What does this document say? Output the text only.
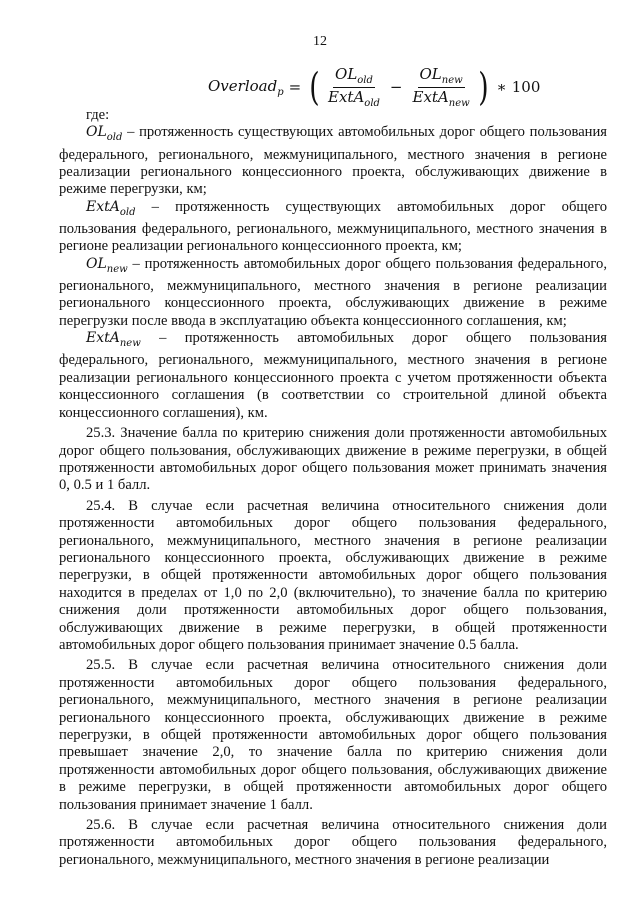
12
Overload$_p$ = ( $\frac{OL_{old}}{ExtA_{old}} - \frac{OL_{new}}{ExtA_{new}}$ ) ∗ 100

где:

$OL_{old}$ – протяженность существующих автомобильных дорог общего пользования федерального, регионального, межмуниципального, местного значения в регионе реализации регионального концессионного проекта, обслуживающих движение в режиме перегрузки, км;

ExtA$_{old}$ – протяженность существующих автомобильных дорог общего пользования федерального, регионального, межмуниципального, местного значения в регионе реализации регионального концессионного проекта, км;

$OL_{new}$ – протяженность автомобильных дорог общего пользования федерального, регионального, межмуниципального, местного значения в регионе реализации регионального концессионного проекта, обслуживающих движение в режиме перегрузки после ввода в эксплуатацию объекта концессионного соглашения, км;

ExtA$_{new}$ – протяженность автомобильных дорог общего пользования федерального, регионального, межмуниципального, местного значения в регионе реализации регионального концессионного проекта с учетом протяженности объекта концессионного соглашения (в соответствии со строительной длиной объекта концессионного соглашения), км.

25.3. Значение балла по критерию снижения доли протяженности автомобильных дорог общего пользования, обслуживающих движение в режиме перегрузки, в общей протяженности автомобильных дорог общего пользования может принимать значения 0, 0.5 и 1 балл.

25.4. В случае если расчетная величина относительного снижения доли протяженности автомобильных дорог общего пользования федерального, регионального, межмуниципального, местного значения в регионе реализации регионального концессионного проекта, обслуживающих движение в режиме перегрузки, в общей протяженности автомобильных дорог общего пользования находится в пределах от 1,0 по 2,0 (включительно), то значение балла по критерию снижения доли протяженности автомобильных дорог общего пользования, обслуживающих движение в режиме перегрузки, в общей протяженности автомобильных дорог общего пользования принимает значение 0.5 балла.

25.5. В случае если расчетная величина относительного снижения доли протяженности автомобильных дорог общего пользования федерального, регионального, межмуниципального, местного значения в регионе реализации регионального концессионного проекта, обслуживающих движение в режиме перегрузки, в общей протяженности автомобильных дорог общего пользования превышает значение 2,0, то значение балла по критерию снижения доли протяженности автомобильных дорог общего пользования, обслуживающих движение в режиме перегрузки, в общей протяженности автомобильных дорог общего пользования принимает значение 1 балл.

25.6. В случае если расчетная величина относительного снижения доли протяженности автомобильных дорог общего пользования федерального, регионального, межмуниципального, местного значения в регионе реализации
